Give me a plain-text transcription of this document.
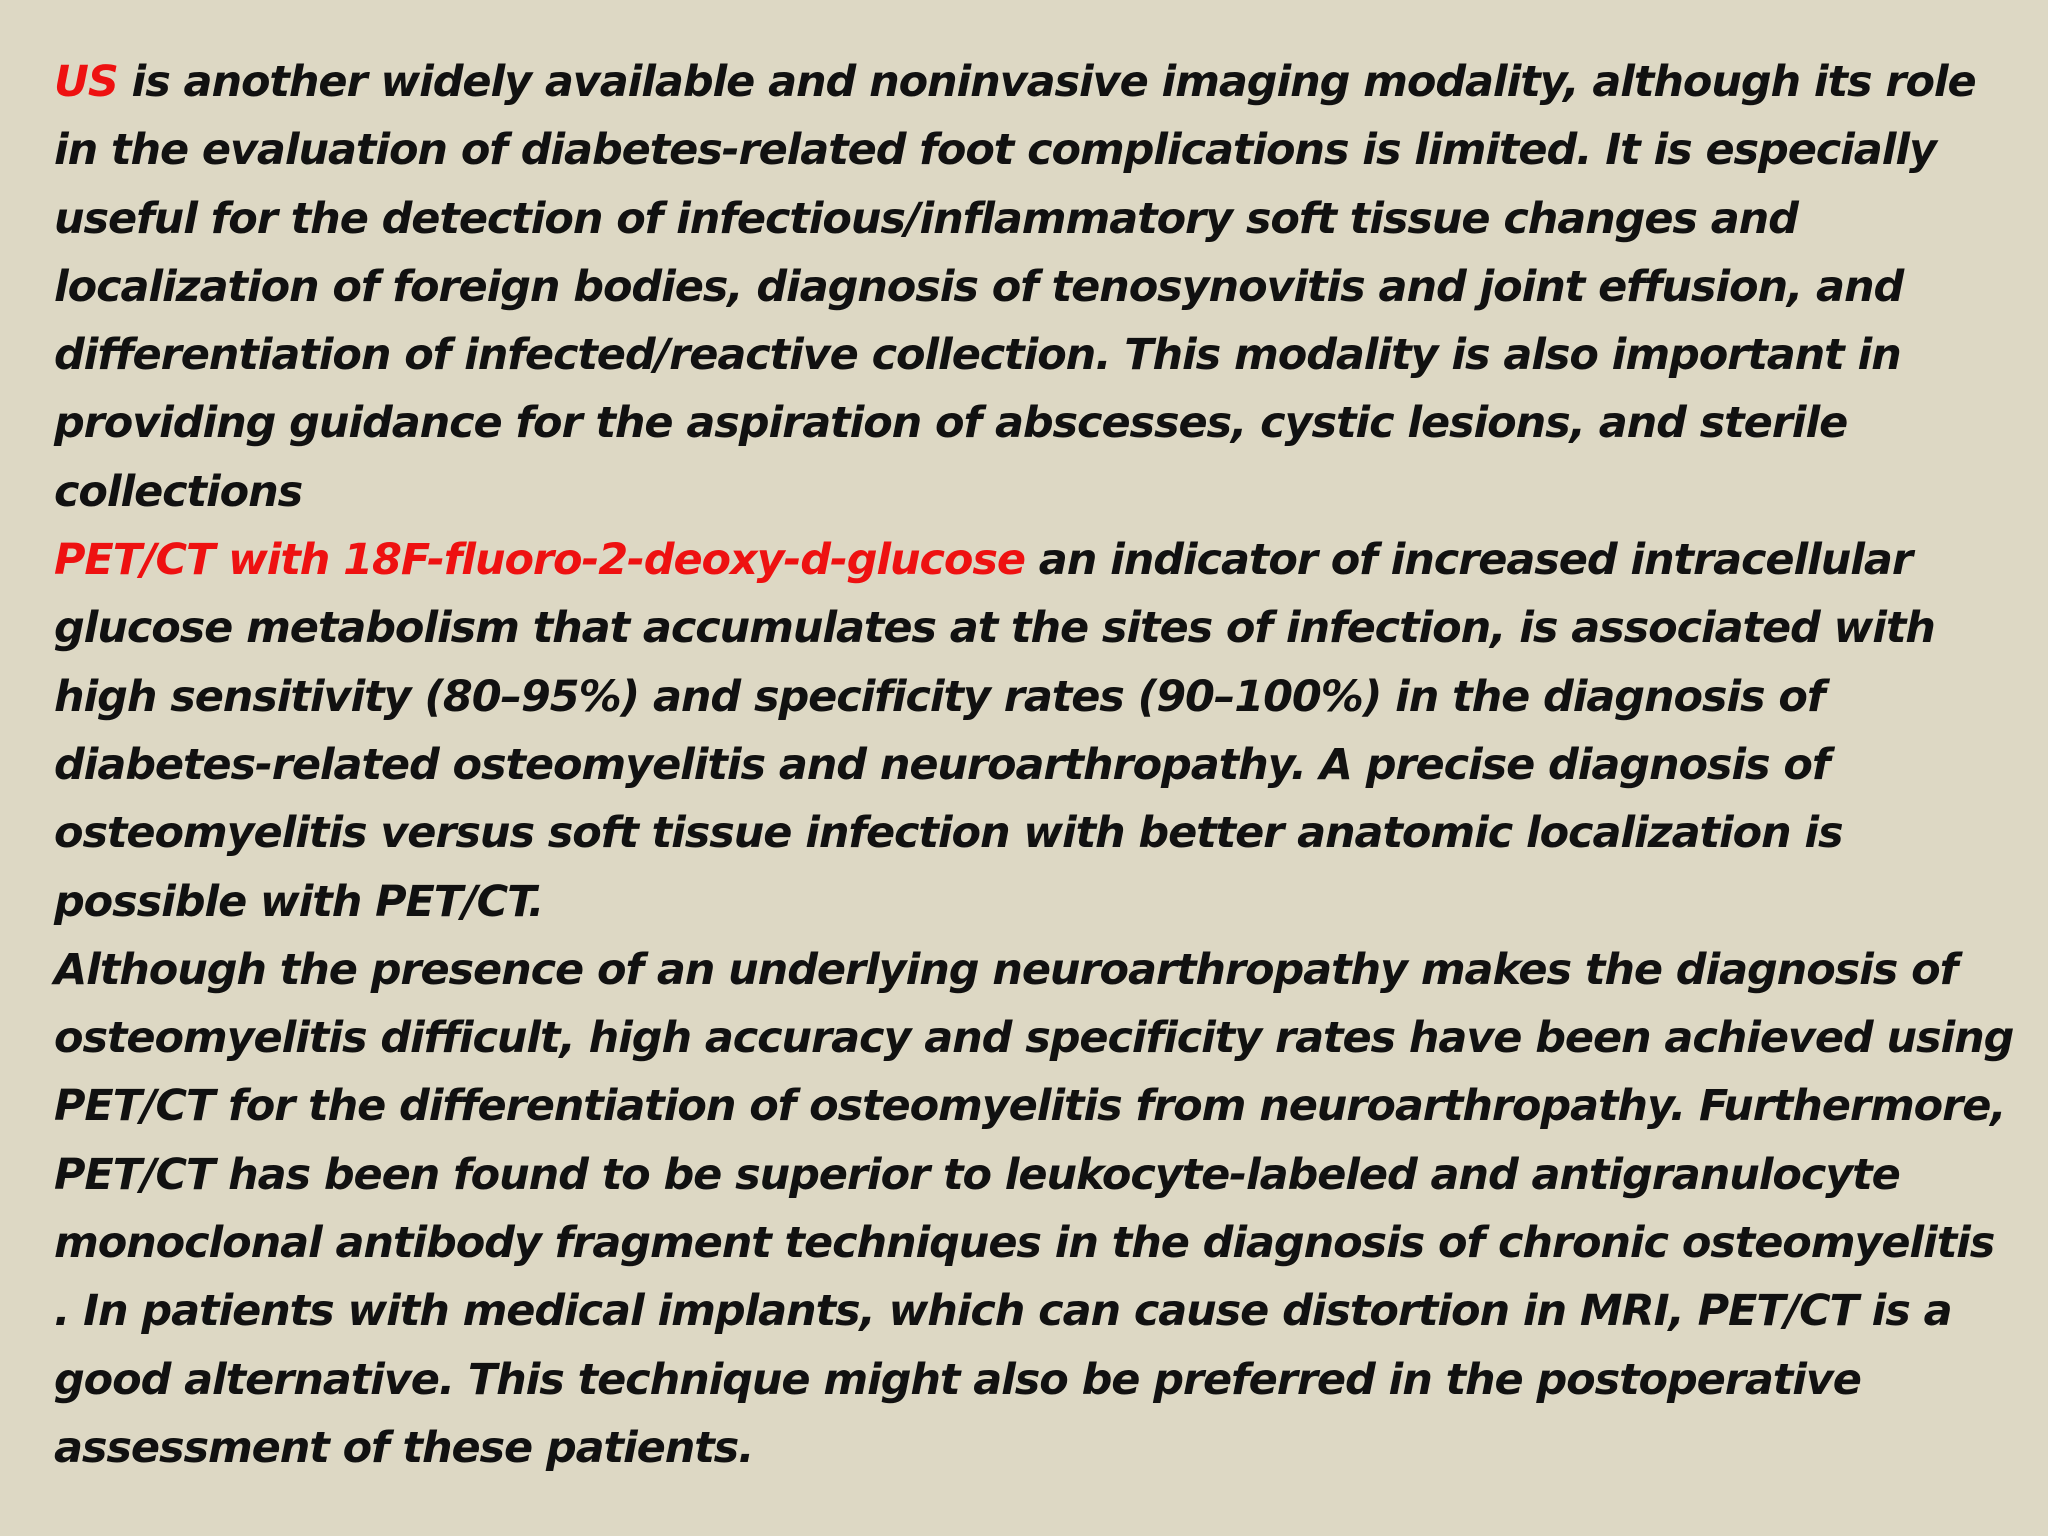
US is another widely available and noninvasive imaging modality, although its role in the evaluation of diabetes-related foot complications is limited. It is especially useful for the detection of infectious/inflammatory soft tissue changes and localization of foreign bodies, diagnosis of tenosynovitis and joint effusion, and differentiation of infected/reactive collection. This modality is also important in providing guidance for the aspiration of abscesses, cystic lesions, and sterile collections

PET/CT with 18F-fluoro-2-deoxy-d-glucose an indicator of increased intracellular glucose metabolism that accumulates at the sites of infection, is associated with high sensitivity (80–95%) and specificity rates (90–100%) in the diagnosis of diabetes-related osteomyelitis and neuroarthropathy. A precise diagnosis of osteomyelitis versus soft tissue infection with better anatomic localization is possible with PET/CT.

Although the presence of an underlying neuroarthropathy makes the diagnosis of osteomyelitis difficult, high accuracy and specificity rates have been achieved using PET/CT for the differentiation of osteomyelitis from neuroarthropathy. Furthermore, PET/CT has been found to be superior to leukocyte-labeled and antigranulocyte monoclonal antibody fragment techniques in the diagnosis of chronic osteomyelitis . In patients with medical implants, which can cause distortion in MRI, PET/CT is a good alternative. This technique might also be preferred in the postoperative assessment of these patients.
